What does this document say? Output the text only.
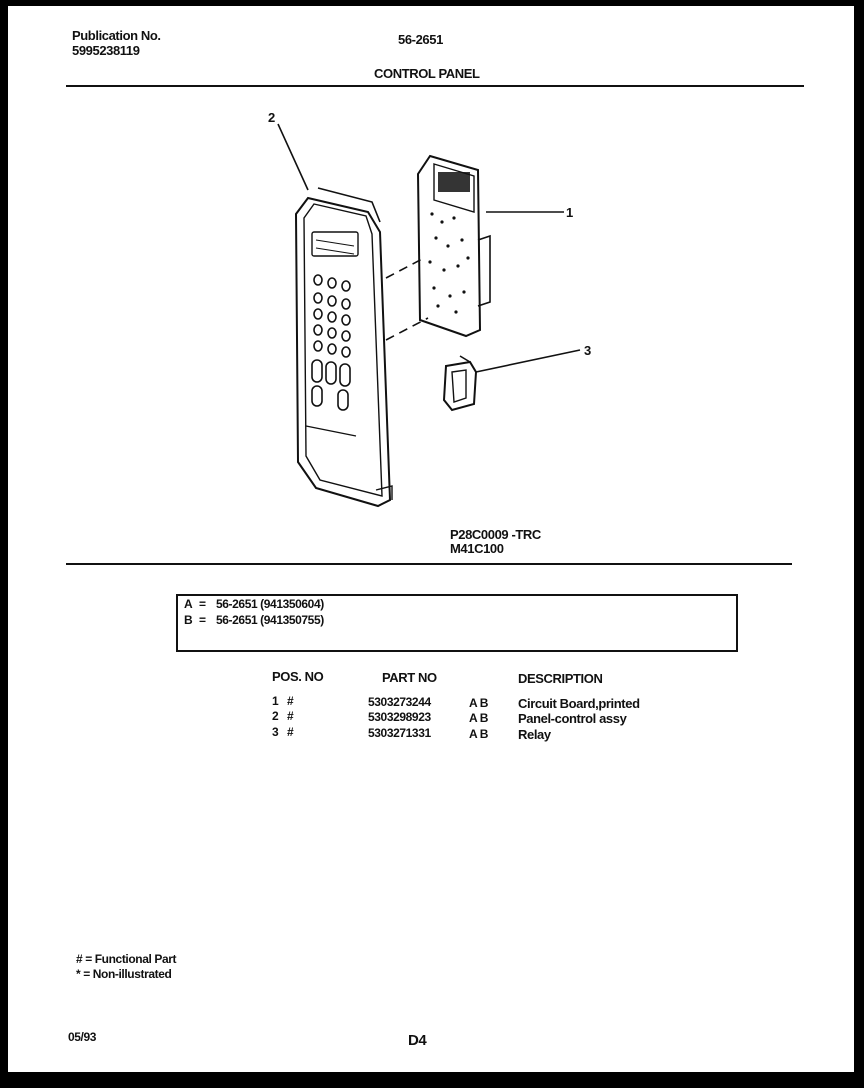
Publication No.
5995238119
56-2651
CONTROL PANEL
2
1
3
P28C0009 -TRC
M41C100
A = 56-2651 (941350604)
B = 56-2651 (941350755)
POS. NO	PART NO	DESCRIPTION
1 #	5303273244	A B Circuit Board,printed
2 #	5303298923	A B Panel-control assy
3 #	5303271331	A B Relay
# = Functional Part
* = Non-illustrated
05/93	D4
